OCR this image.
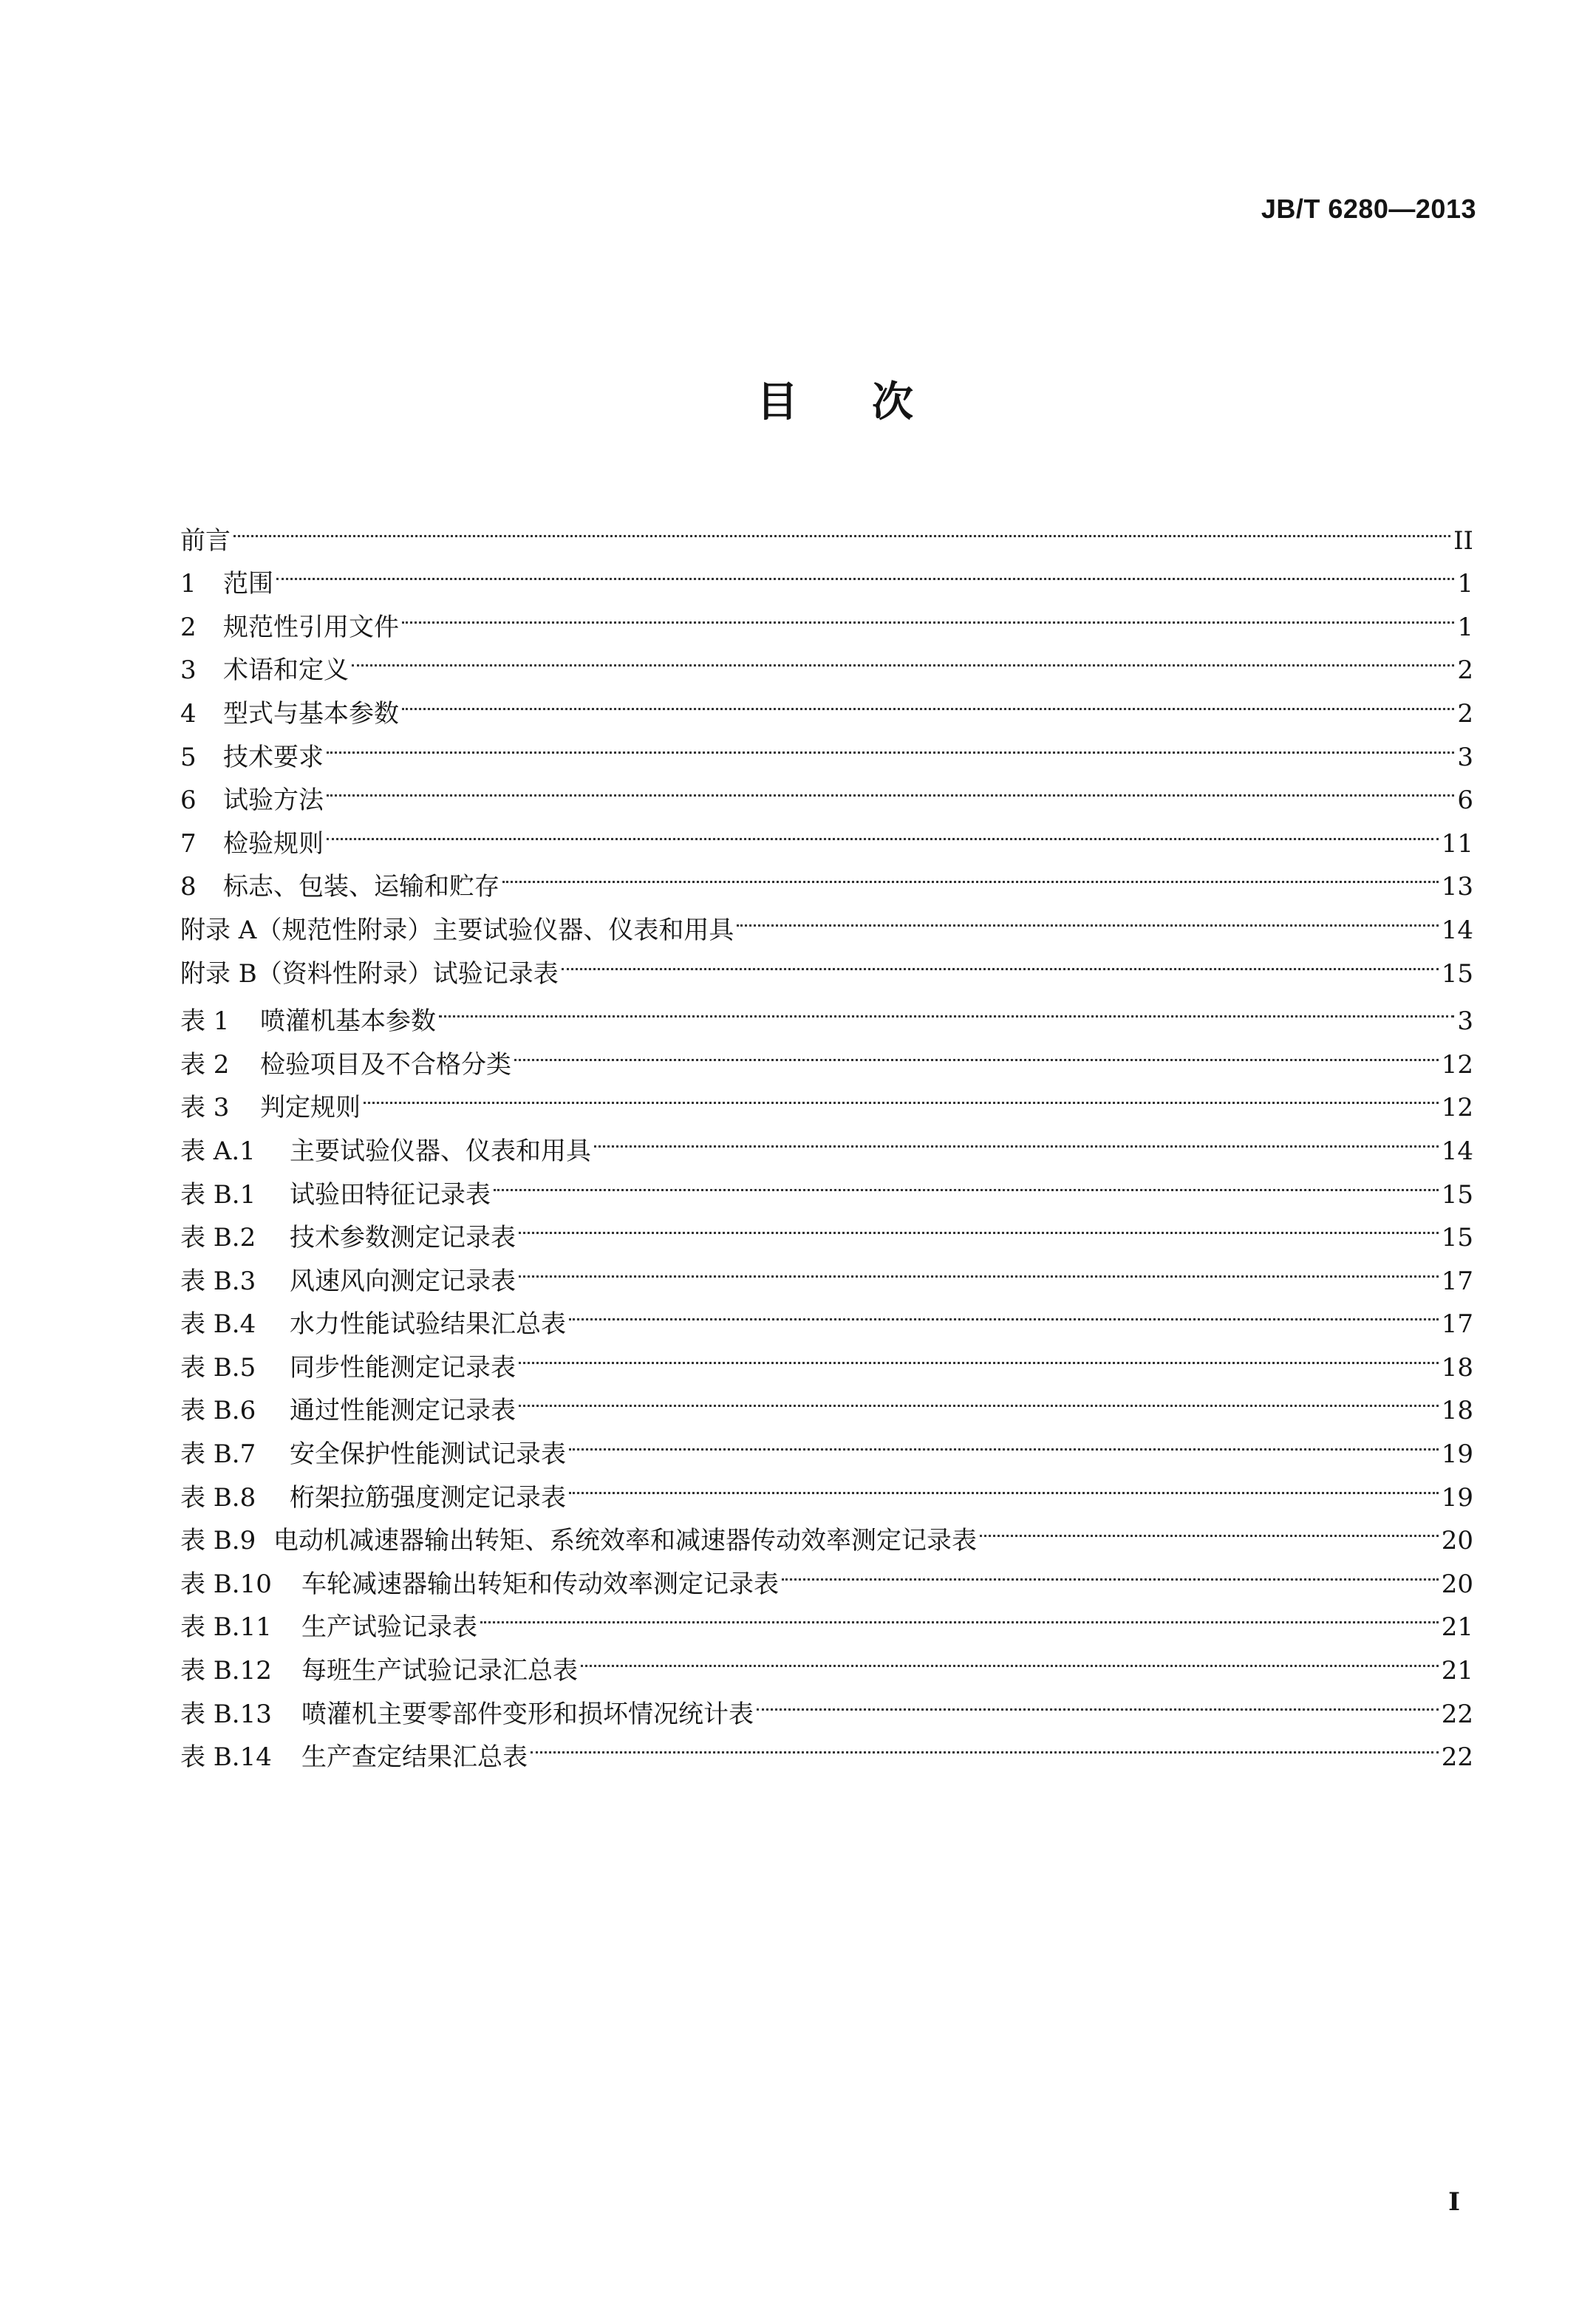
JB/T 6280—2013
目 次
前言	II
1 范围	1
2 规范性引用文件	1
3 术语和定义	2
4 型式与基本参数	2
5 技术要求	3
6 试验方法	6
7 检验规则	11
8 标志、包装、运输和贮存	13
附录 A（规范性附录）主要试验仪器、仪表和用具	14
附录 B（资料性附录）试验记录表	15
表 1 喷灌机基本参数	3
表 2 检验项目及不合格分类	12
表 3 判定规则	12
表 A.1 主要试验仪器、仪表和用具	14
表 B.1 试验田特征记录表	15
表 B.2 技术参数测定记录表	15
表 B.3 风速风向测定记录表	17
表 B.4 水力性能试验结果汇总表	17
表 B.5 同步性能测定记录表	18
表 B.6 通过性能测定记录表	18
表 B.7 安全保护性能测试记录表	19
表 B.8 桁架拉筋强度测定记录表	19
表 B.9 电动机减速器输出转矩、系统效率和减速器传动效率测定记录表	20
表 B.10 车轮减速器输出转矩和传动效率测定记录表	20
表 B.11 生产试验记录表	21
表 B.12 每班生产试验记录汇总表	21
表 B.13 喷灌机主要零部件变形和损坏情况统计表	22
表 B.14 生产查定结果汇总表	22
I
